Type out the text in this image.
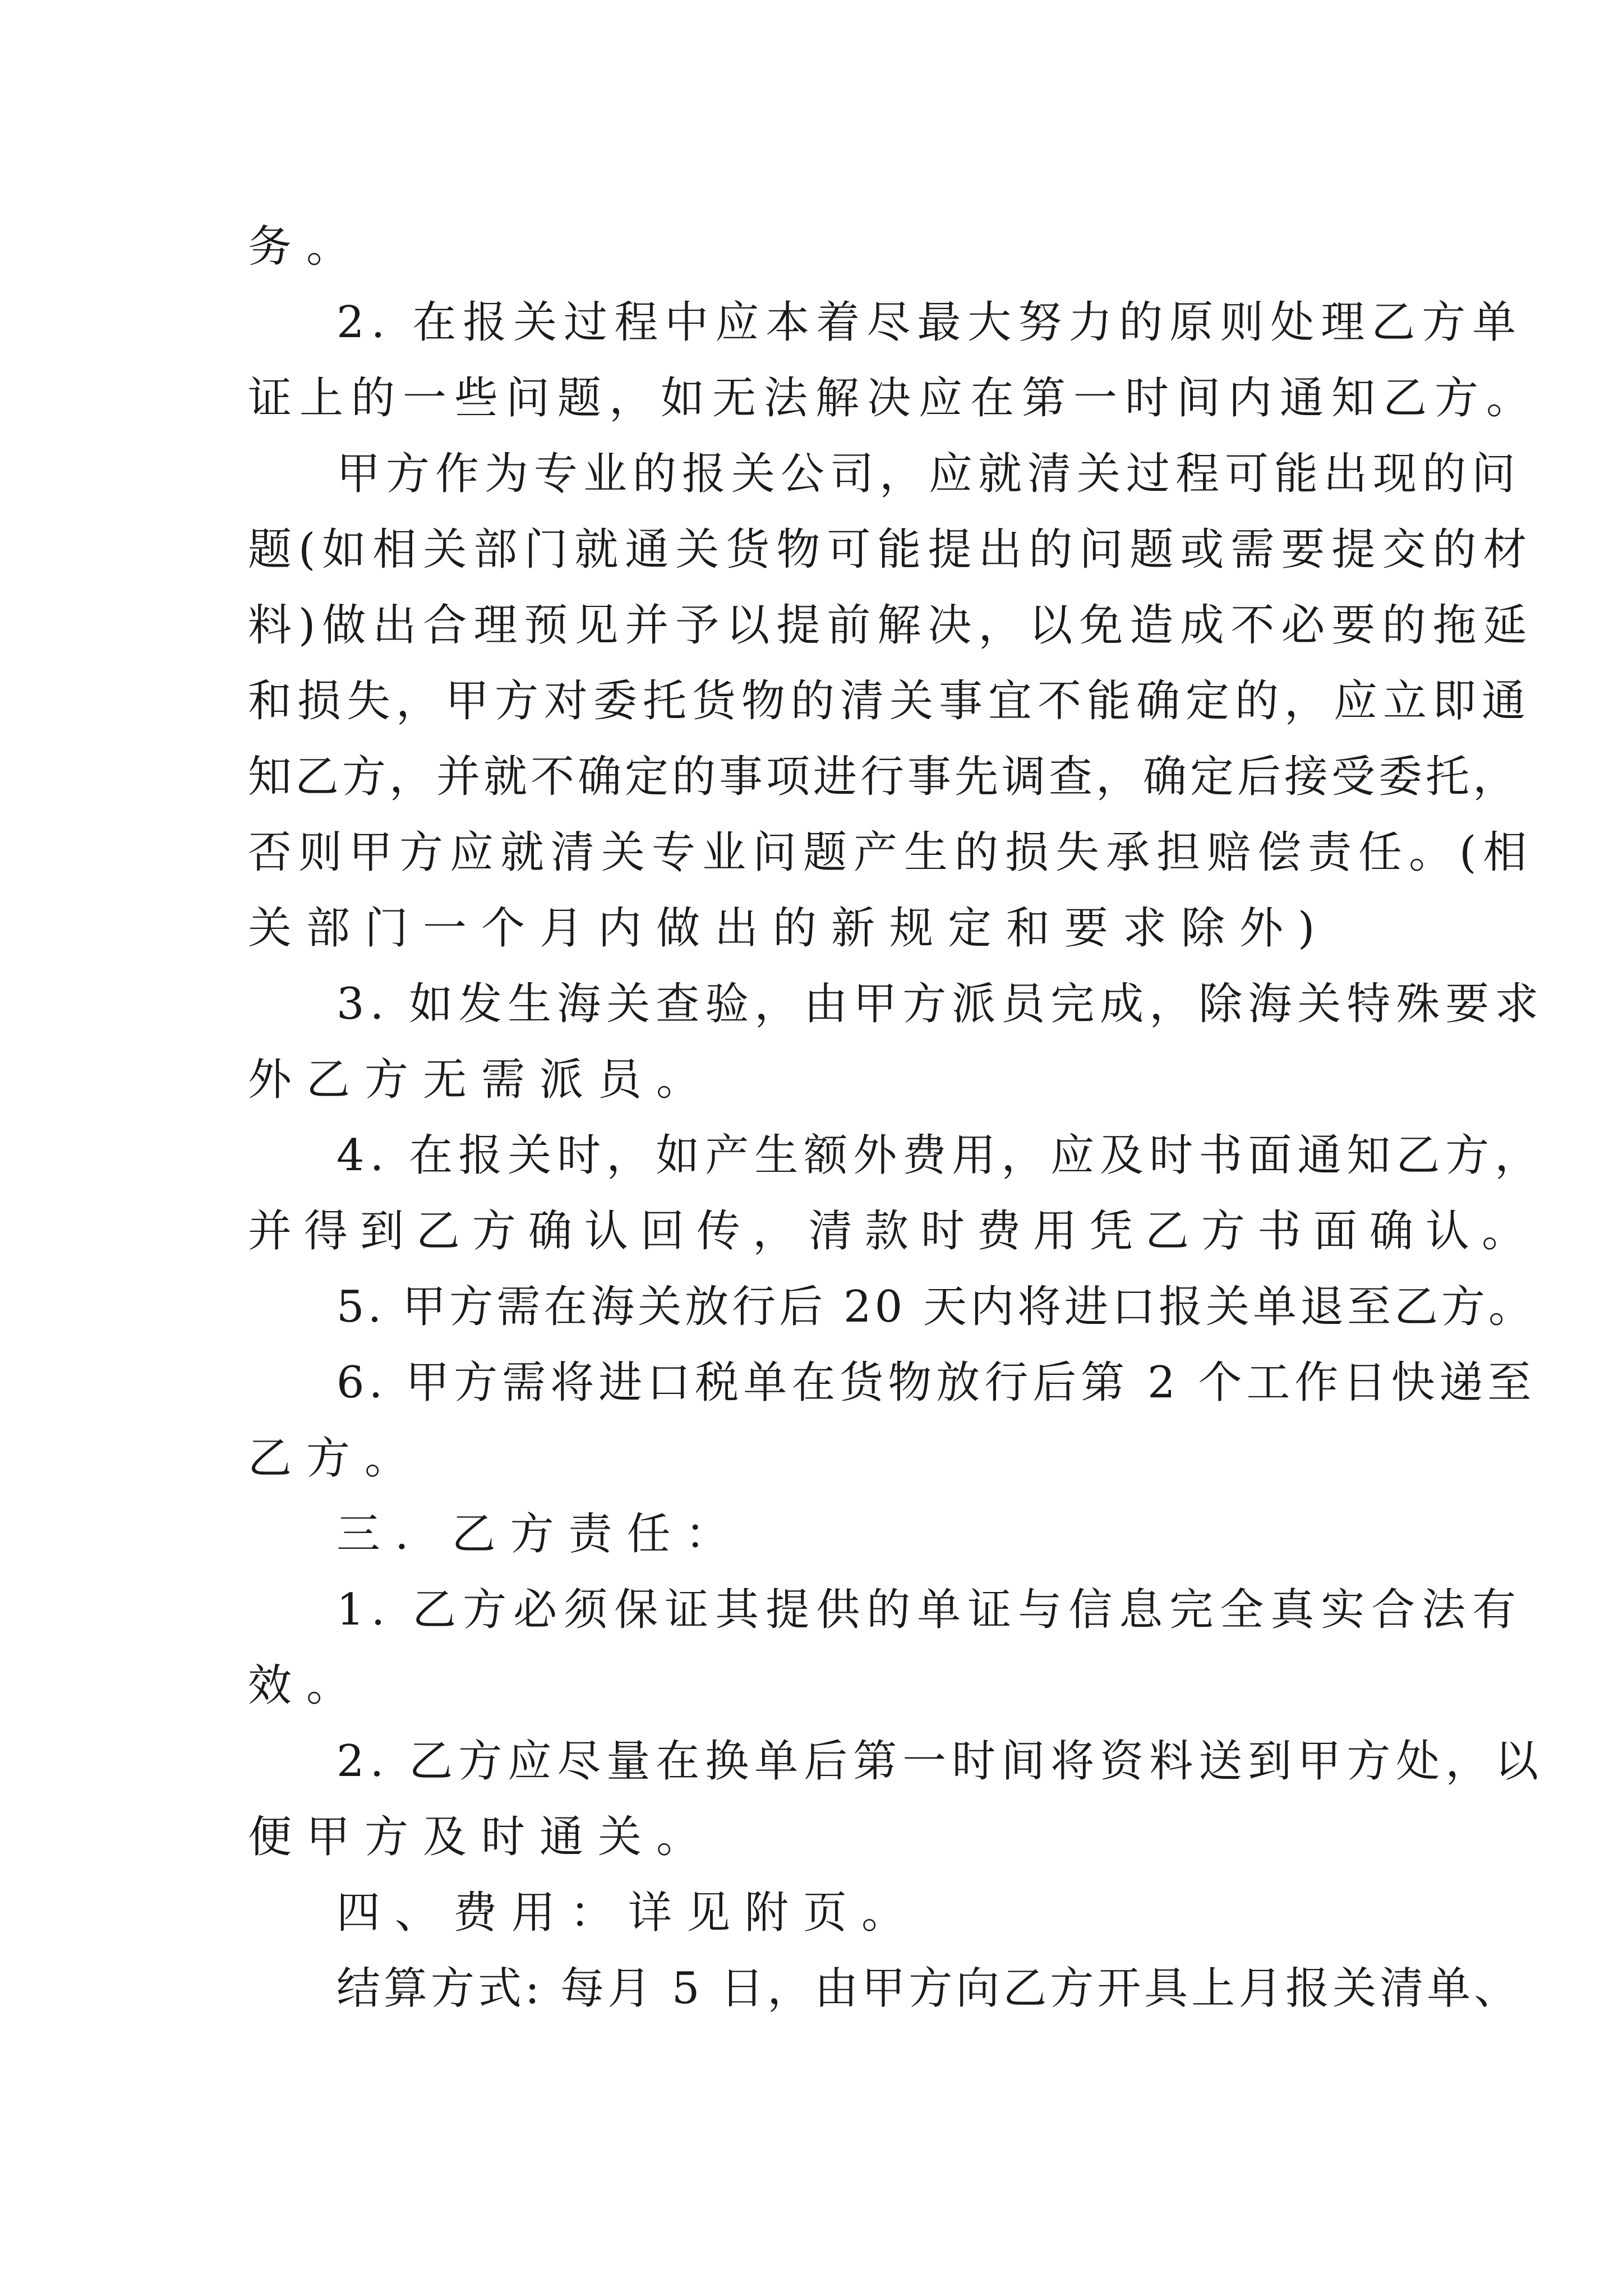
务。
2. 在报关过程中应本着尽最大努力的原则处理乙方单
证上的一些问题，如无法解决应在第一时间内通知乙方。
甲方作为专业的报关公司，应就清关过程可能出现的问
题(如相关部门就通关货物可能提出的问题或需要提交的材
料)做出合理预见并予以提前解决，以免造成不必要的拖延
和损失，甲方对委托货物的清关事宜不能确定的，应立即通
知乙方，并就不确定的事项进行事先调查，确定后接受委托，
否则甲方应就清关专业问题产生的损失承担赔偿责任。(相
关部门一个月内做出的新规定和要求除外)
3. 如发生海关查验，由甲方派员完成，除海关特殊要求
外乙方无需派员。
4. 在报关时，如产生额外费用，应及时书面通知乙方，
并得到乙方确认回传，清款时费用凭乙方书面确认。
5. 甲方需在海关放行后 20 天内将进口报关单退至乙方。
6. 甲方需将进口税单在货物放行后第 2 个工作日快递至
乙方。
三. 乙方责任：
1. 乙方必须保证其提供的单证与信息完全真实合法有
效。
2. 乙方应尽量在换单后第一时间将资料送到甲方处，以
便甲方及时通关。
四、费用：详见附页。
结算方式: 每月 5 日，由甲方向乙方开具上月报关清单、
